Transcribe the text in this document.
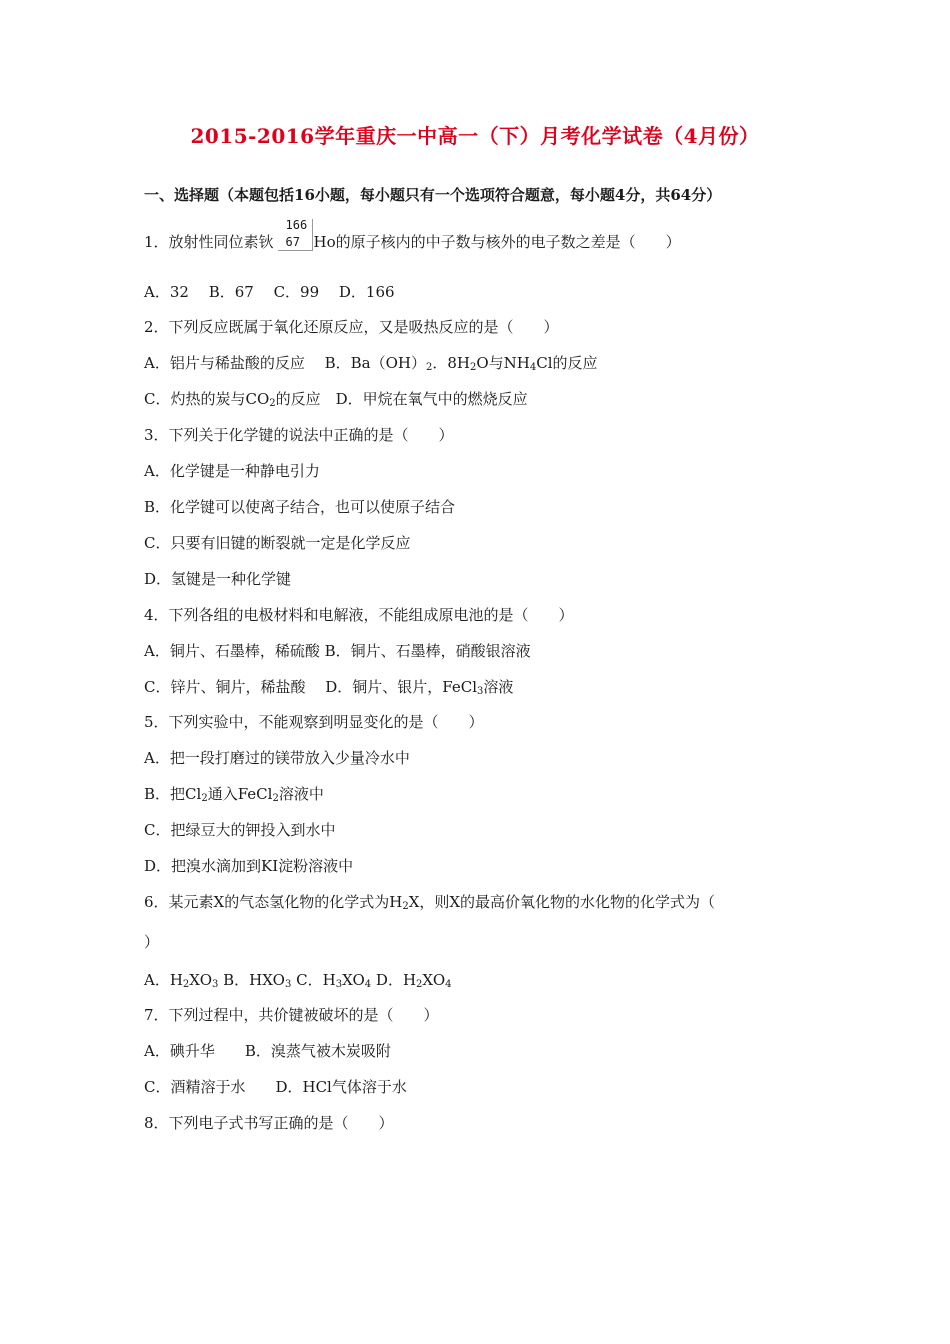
2015-2016学年重庆一中高一（下）月考化学试卷（4月份）
一、选择题（本题包括16小题，每小题只有一个选项符合题意，每小题4分，共64分）
1．放射性同位素钬
166
67 Ho的原子核内的中子数与核外的电子数之差是（　　）
A．32　 B．67　 C．99　 D．166
2．下列反应既属于氧化还原反应，又是吸热反应的是（　　）
A．铝片与稀盐酸的反应　 B．$Ba(OH)_2$．$8H_2O$与$NH_4Cl$的反应
C．灼热的炭与$CO_2$的反应　D．甲烷在氧气中的燃烧反应
3．下列关于化学键的说法中正确的是（　　）
A．化学键是一种静电引力
B．化学键可以使离子结合，也可以使原子结合
C．只要有旧键的断裂就一定是化学反应
D．氢键是一种化学键
4．下列各组的电极材料和电解液，不能组成原电池的是（　　）
A．铜片、石墨棒，稀硫酸 B．铜片、石墨棒，硝酸银溶液
C．锌片、铜片，稀盐酸　 D．铜片、银片，FeCl$_3$溶液
5．下列实验中，不能观察到明显变化的是（　　）
A．把一段打磨过的镁带放入少量冷水中
B．把$Cl_2$通入FeCl$_2$溶液中
C．把绿豆大的钾投入到水中
D．把溴水滴加到KI淀粉溶液中
6．某元素X的气态氢化物的化学式为$H_2X$，则X的最高价氧化物的水化物的化学式为（
）
A．$H_2XO_3$ B．$HXO_3$ C．$H_3XO_4$ D．$H_2XO_4$
7．下列过程中，共价键被破坏的是（　　）
A．碘升华　　B．溴蒸气被木炭吸附
C．酒精溶于水　　D．HCl气体溶于水
8．下列电子式书写正确的是（　　）
